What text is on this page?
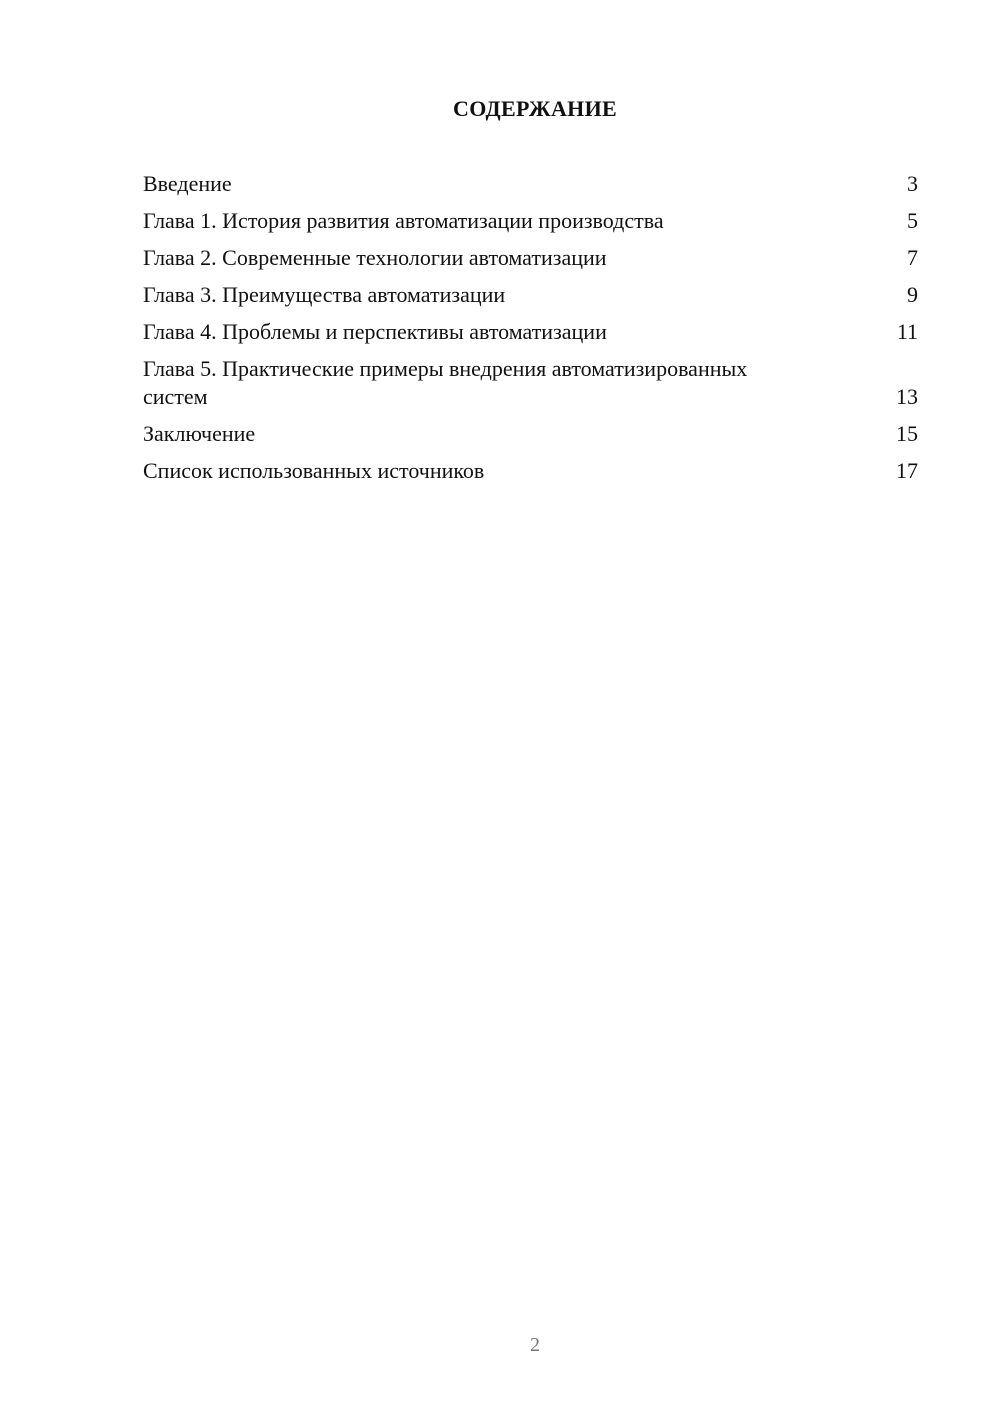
СОДЕРЖАНИЕ
Введение	3
Глава 1. История развития автоматизации производства	5
Глава 2. Современные технологии автоматизации	7
Глава 3. Преимущества автоматизации	9
Глава 4. Проблемы и перспективы автоматизации	11
Глава 5. Практические примеры внедрения автоматизированных систем	13
Заключение	15
Список использованных источников	17
2
